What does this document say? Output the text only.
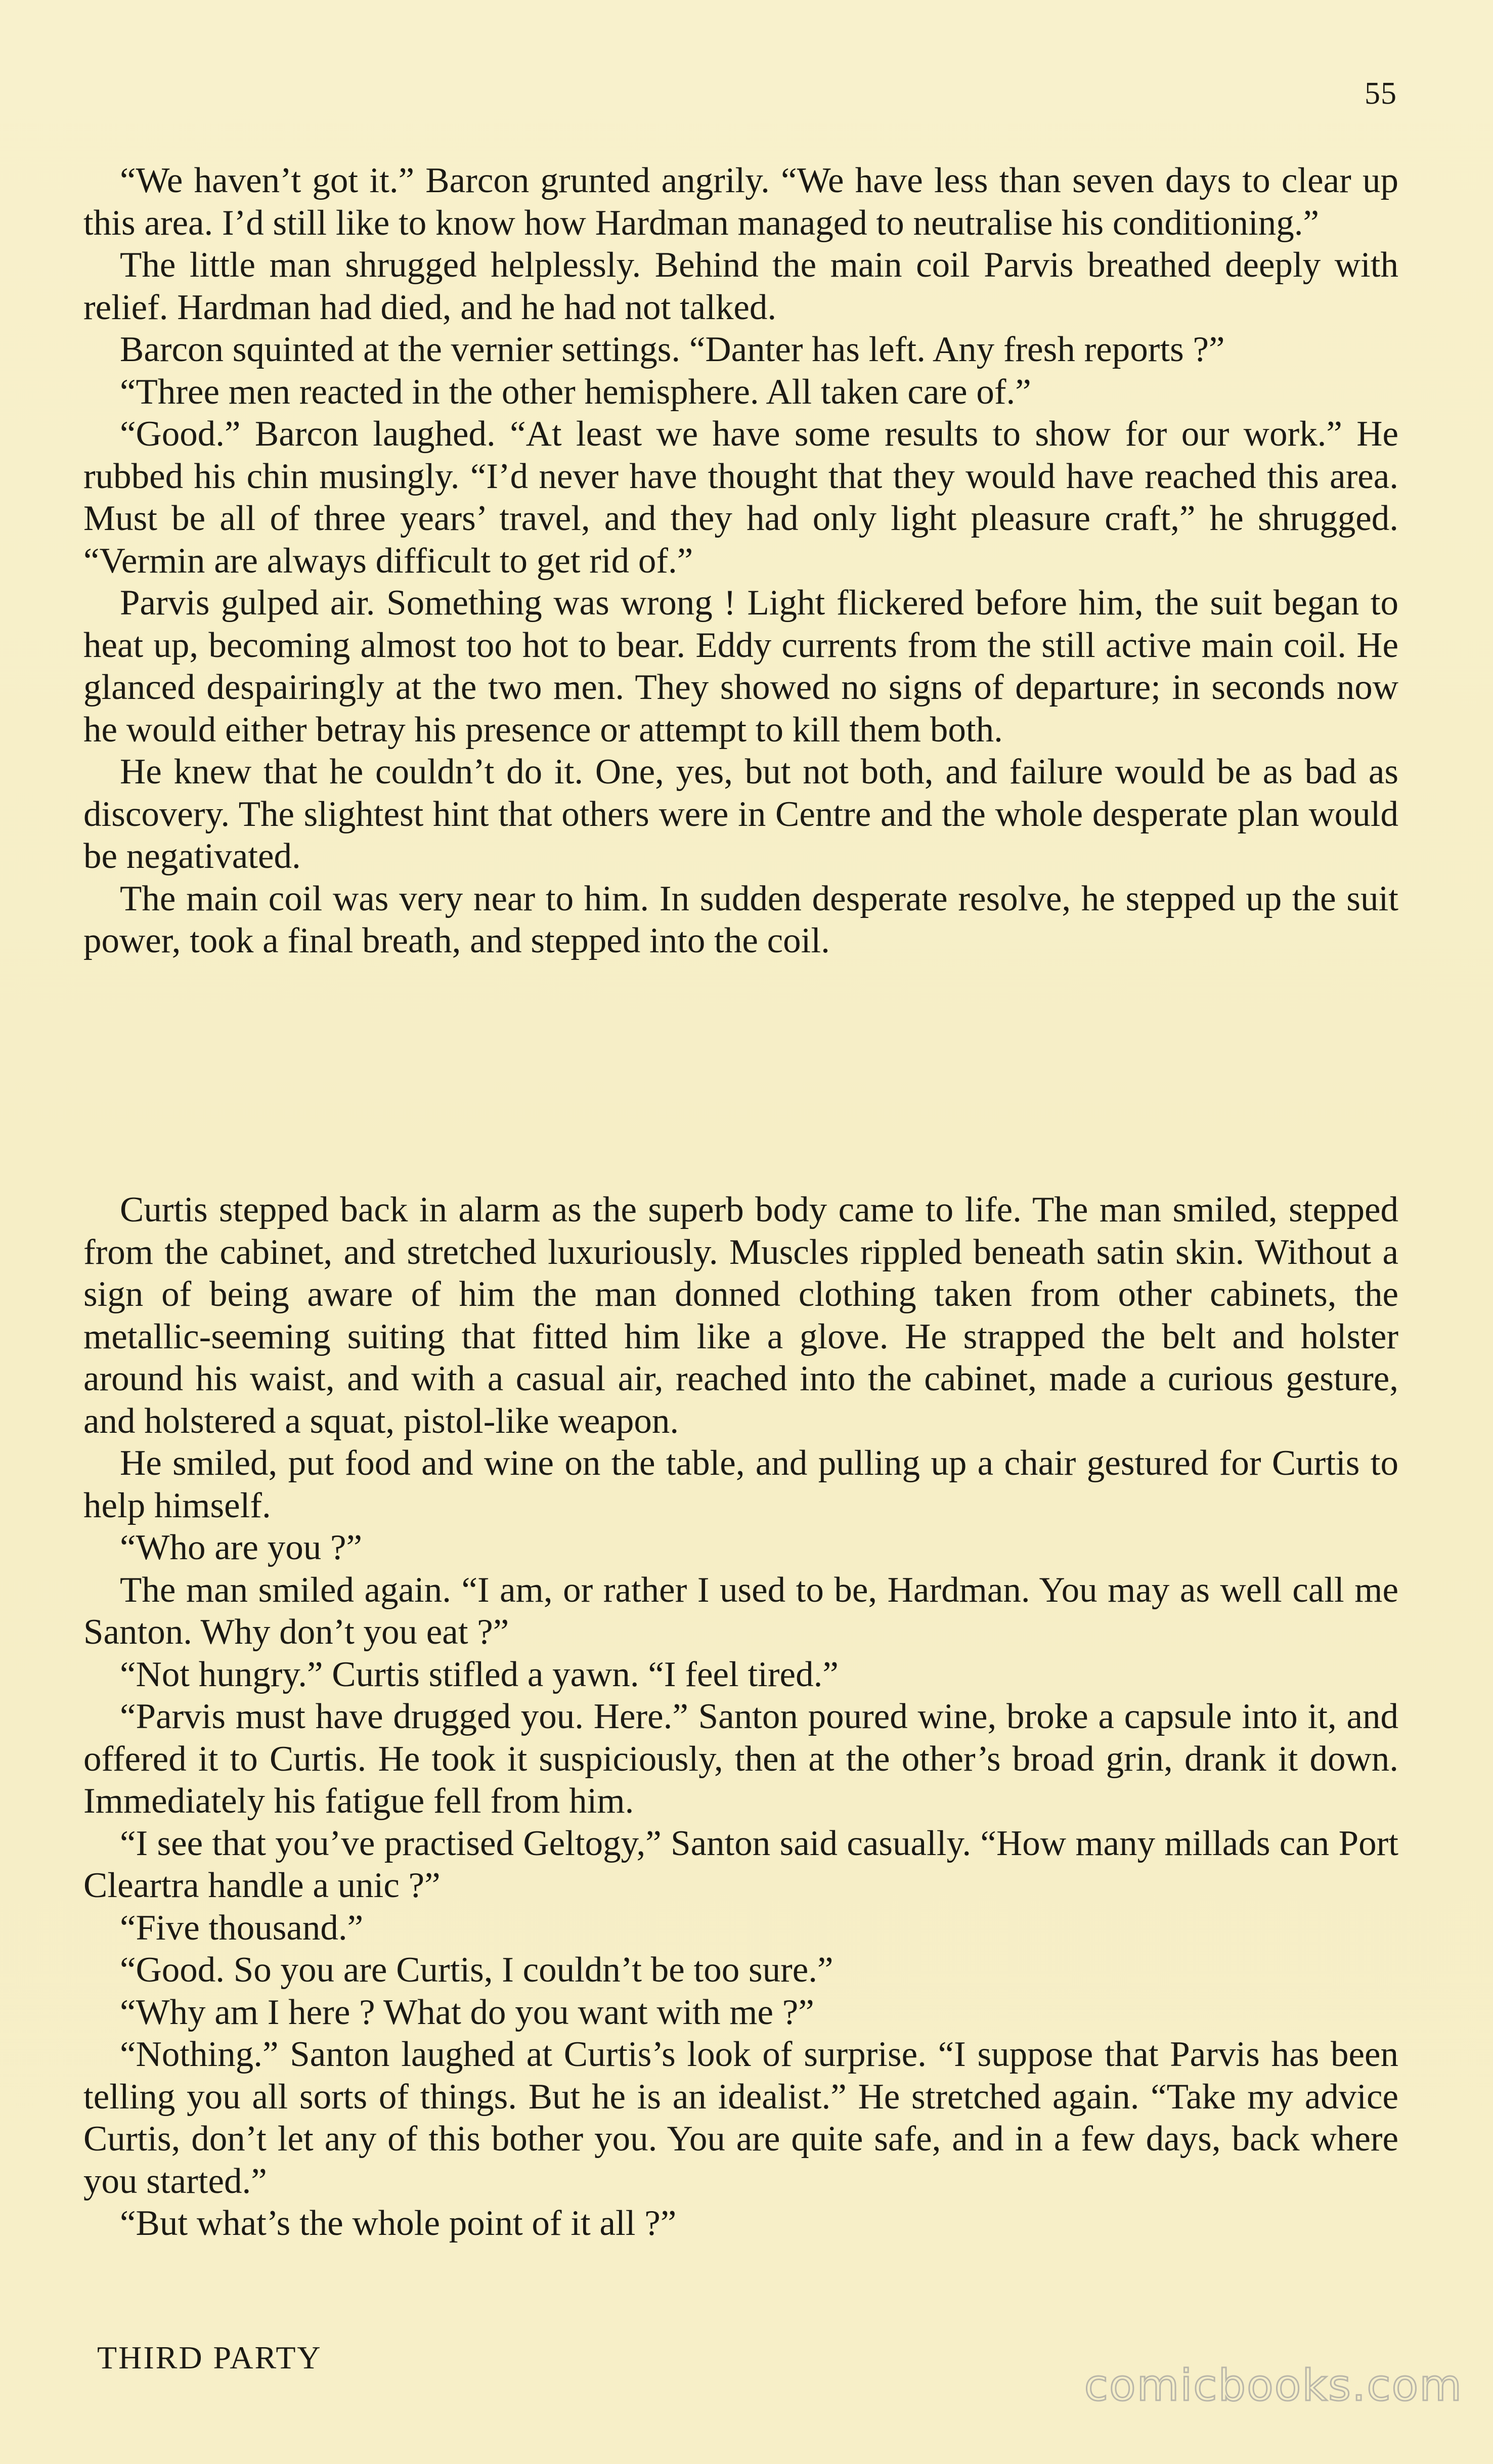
55

“We haven’t got it.” Barcon grunted angrily. “We have less than seven days to clear up this area. I’d still like to know how Hardman managed to neutralise his conditioning.”

The little man shrugged helplessly. Behind the main coil Parvis breathed deeply with relief. Hardman had died, and he had not talked.

Barcon squinted at the vernier settings. “Danter has left. Any fresh reports ?”

“Three men reacted in the other hemisphere. All taken care of.”

“Good.” Barcon laughed. “At least we have some results to show for our work.” He rubbed his chin musingly. “I’d never have thought that they would have reached this area. Must be all of three years’ travel, and they had only light pleasure craft,” he shrugged. “Vermin are always difficult to get rid of.”

Parvis gulped air. Something was wrong ! Light flickered before him, the suit began to heat up, becoming almost too hot to bear. Eddy currents from the still active main coil. He glanced despairingly at the two men. They showed no signs of departure; in seconds now he would either betray his presence or attempt to kill them both.

He knew that he couldn’t do it. One, yes, but not both, and failure would be as bad as discovery. The slightest hint that others were in Centre and the whole desperate plan would be negativated.

The main coil was very near to him. In sudden desperate resolve, he stepped up the suit power, took a final breath, and stepped into the coil.

Curtis stepped back in alarm as the superb body came to life. The man smiled, stepped from the cabinet, and stretched luxuriously. Muscles rippled beneath satin skin. Without a sign of being aware of him the man donned clothing taken from other cabinets, the metallic-seeming suiting that fitted him like a glove. He strapped the belt and holster around his waist, and with a casual air, reached into the cabinet, made a curious gesture, and holstered a squat, pistol-like weapon.

He smiled, put food and wine on the table, and pulling up a chair gestured for Curtis to help himself.

“Who are you ?”

The man smiled again. “I am, or rather I used to be, Hardman. You may as well call me Santon. Why don’t you eat ?”

“Not hungry.” Curtis stifled a yawn. “I feel tired.”

“Parvis must have drugged you. Here.” Santon poured wine, broke a capsule into it, and offered it to Curtis. He took it suspiciously, then at the other’s broad grin, drank it down. Immediately his fatigue fell from him.

“I see that you’ve practised Geltogy,” Santon said casually. “How many millads can Port Cleartra handle a unic ?”

“Five thousand.”

“Good. So you are Curtis, I couldn’t be too sure.”

“Why am I here ? What do you want with me ?”

“Nothing.” Santon laughed at Curtis’s look of surprise. “I suppose that Parvis has been telling you all sorts of things. But he is an idealist.” He stretched again. “Take my advice Curtis, don’t let any of this bother you. You are quite safe, and in a few days, back where you started.”

“But what’s the whole point of it all ?”

THIRD PARTY
comicbooks.com
